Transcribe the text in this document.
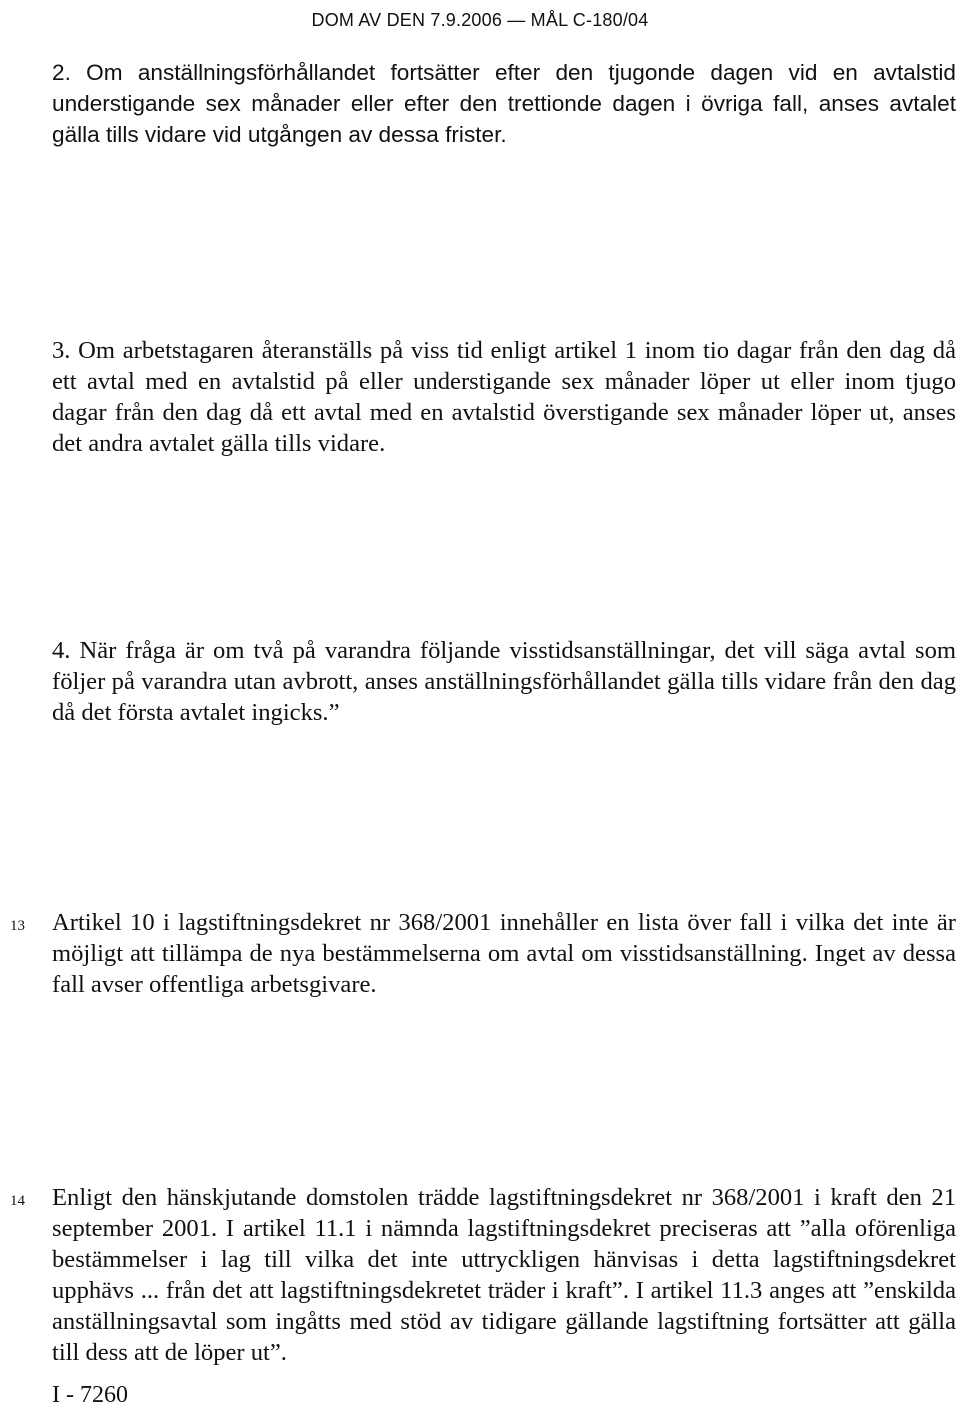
DOM AV DEN 7.9.2006 — MÅL C-180/04

2. Om anställningsförhållandet fortsätter efter den tjugonde dagen vid en avtalstid understigande sex månader eller efter den trettionde dagen i övriga fall, anses avtalet gälla tills vidare vid utgången av dessa frister.

3. Om arbetstagaren återanställs på viss tid enligt artikel 1 inom tio dagar från den dag då ett avtal med en avtalstid på eller understigande sex månader löper ut eller inom tjugo dagar från den dag då ett avtal med en avtalstid överstigande sex månader löper ut, anses det andra avtalet gälla tills vidare.

4. När fråga är om två på varandra följande visstidsanställningar, det vill säga avtal som följer på varandra utan avbrott, anses anställningsförhållandet gälla tills vidare från den dag då det första avtalet ingicks.”

13 Artikel 10 i lagstiftningsdekret nr 368/2001 innehåller en lista över fall i vilka det inte är möjligt att tillämpa de nya bestämmelserna om avtal om visstidsanställning. Inget av dessa fall avser offentliga arbetsgivare.

14 Enligt den hänskjutande domstolen trädde lagstiftningsdekret nr 368/2001 i kraft den 21 september 2001. I artikel 11.1 i nämnda lagstiftningsdekret preciseras att ”alla oförenliga bestämmelser i lag till vilka det inte uttryckligen hänvisas i detta lagstiftningsdekret upphävs ... från det att lagstiftningsdekretet träder i kraft”. I artikel 11.3 anges att ”enskilda anställningsavtal som ingåtts med stöd av tidigare gällande lagstiftning fortsätter att gälla till dess att de löper ut”.

I - 7260
